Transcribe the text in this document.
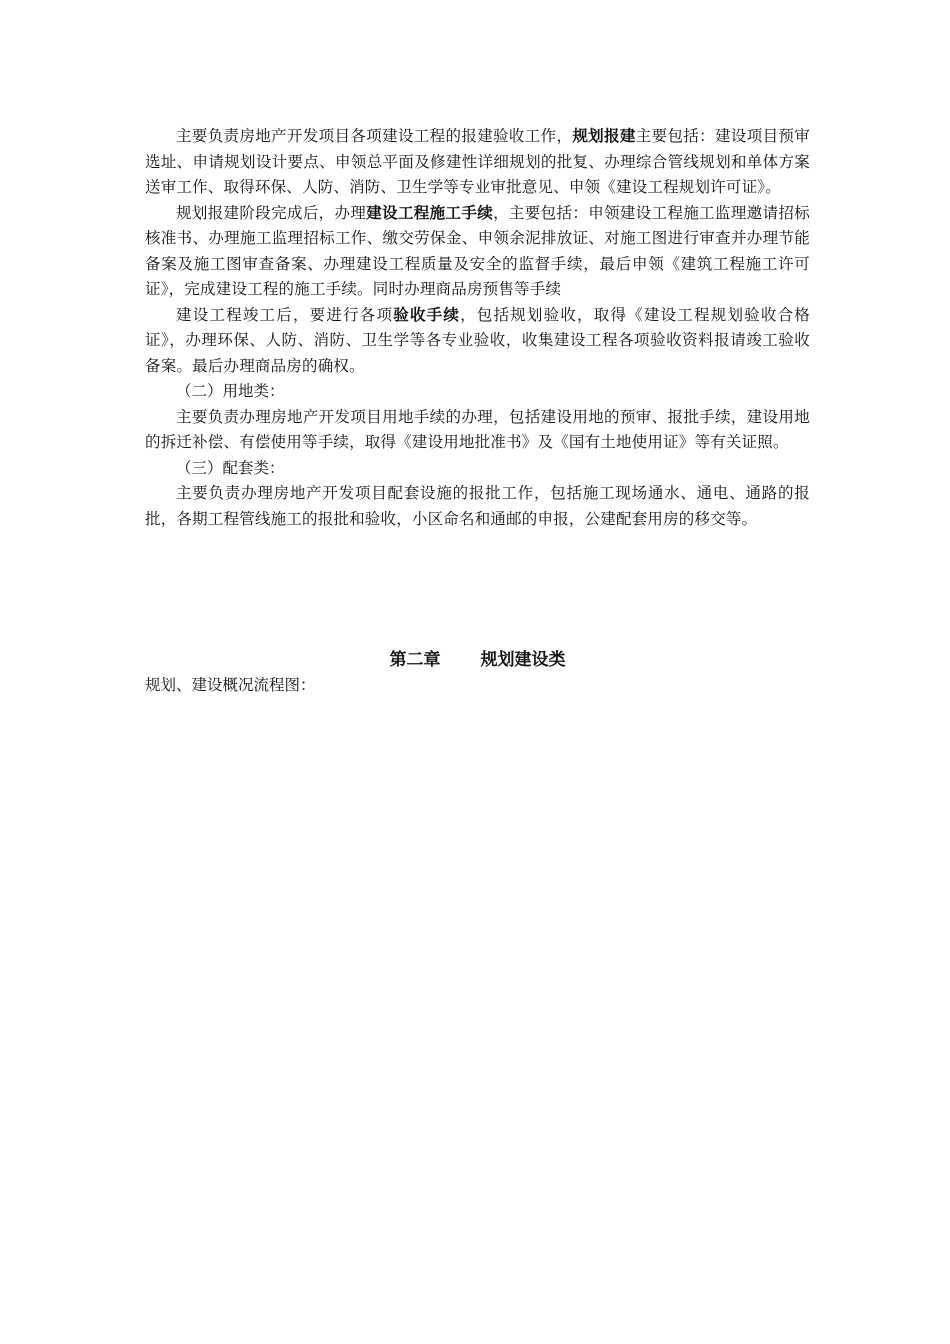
主要负责房地产开发项目各项建设工程的报建验收工作，规划报建主要包括：建设项目预审选址、申请规划设计要点、申领总平面及修建性详细规划的批复、办理综合管线规划和单体方案送审工作、取得环保、人防、消防、卫生学等专业审批意见、申领《建设工程规划许可证》。

规划报建阶段完成后，办理建设工程施工手续，主要包括：申领建设工程施工监理邀请招标核准书、办理施工监理招标工作、缴交劳保金、申领余泥排放证、对施工图进行审查并办理节能备案及施工图审查备案、办理建设工程质量及安全的监督手续，最后申领《建筑工程施工许可证》，完成建设工程的施工手续。同时办理商品房预售等手续

建设工程竣工后，要进行各项验收手续，包括规划验收，取得《建设工程规划验收合格证》，办理环保、人防、消防、卫生学等各专业验收，收集建设工程各项验收资料报请竣工验收备案。最后办理商品房的确权。

（二）用地类：

主要负责办理房地产开发项目用地手续的办理，包括建设用地的预审、报批手续，建设用地的拆迁补偿、有偿使用等手续，取得《建设用地批准书》及《国有土地使用证》等有关证照。

（三）配套类：

主要负责办理房地产开发项目配套设施的报批工作，包括施工现场通水、通电、通路的报批，各期工程管线施工的报批和验收，小区命名和通邮的申报，公建配套用房的移交等。

第二章 规划建设类
规划、建设概况流程图：
